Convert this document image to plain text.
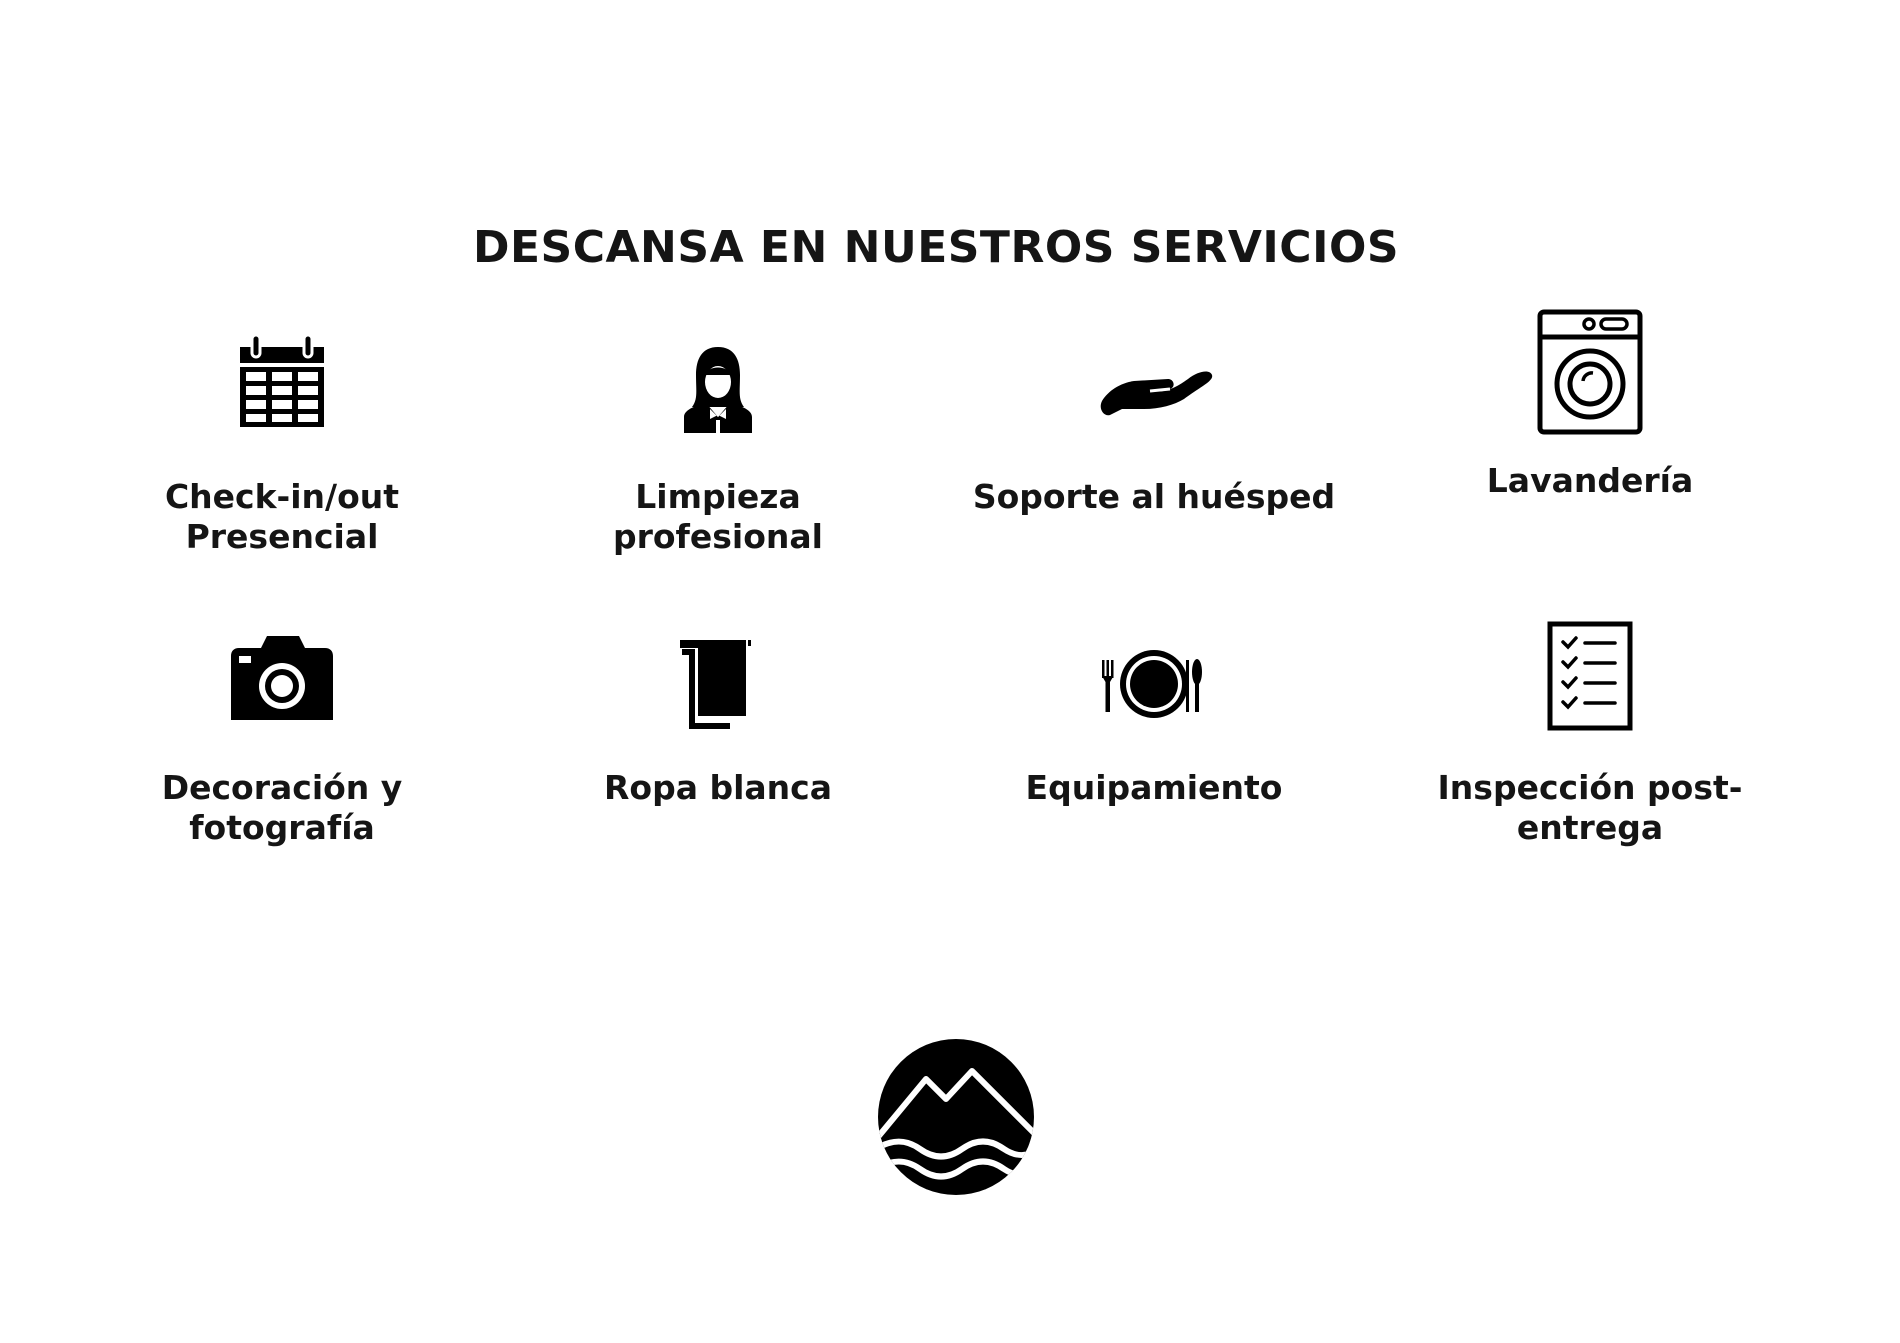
DESCANSA EN NUESTROS SERVICIOS
Check-in/out
Presencial
Limpieza
profesional
Soporte al huésped	Lavandería
Decoración y
fotografía
Ropa blanca	Equipamiento	Inspección post-
entrega
